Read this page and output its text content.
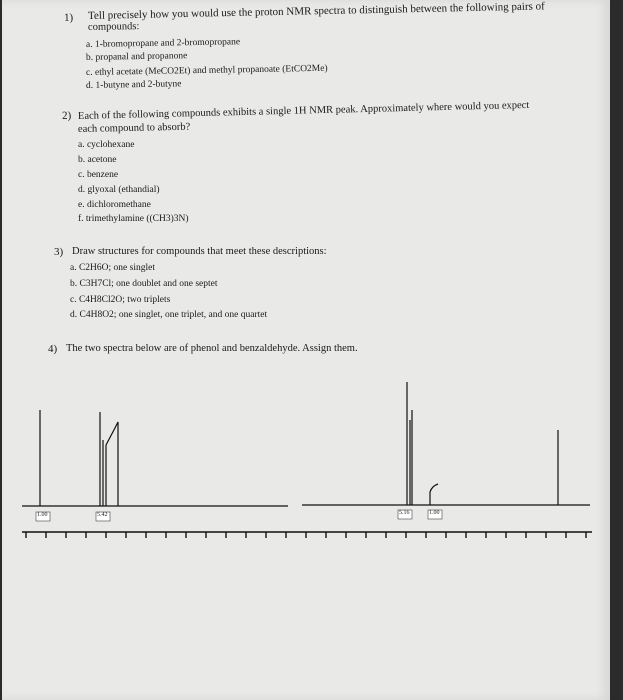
1) Tell precisely how you would use the proton NMR spectra to distinguish between the following pairs of
compounds:
a. 1-bromopropane and 2-bromopropane
b. propanal and propanone
c. ethyl acetate (MeCO2Et) and methyl propanoate (EtCO2Me)
d. 1-butyne and 2-butyne
2) Each of the following compounds exhibits a single 1H NMR peak. Approximately where would you expect
each compound to absorb?
a. cyclohexane
b. acetone
c. benzene
d. glyoxal (ethandial)
e. dichloromethane
f. trimethylamine ((CH3)3N)
3) Draw structures for compounds that meet these descriptions:
a. C2H6O; one singlet
b. C3H7Cl; one doublet and one septet
c. C4H8Cl2O; two triplets
d. C4H8O2; one singlet, one triplet, and one quartet
4) The two spectra below are of phenol and benzaldehyde. Assign them.
1.00	5.42	5.16	1.00
